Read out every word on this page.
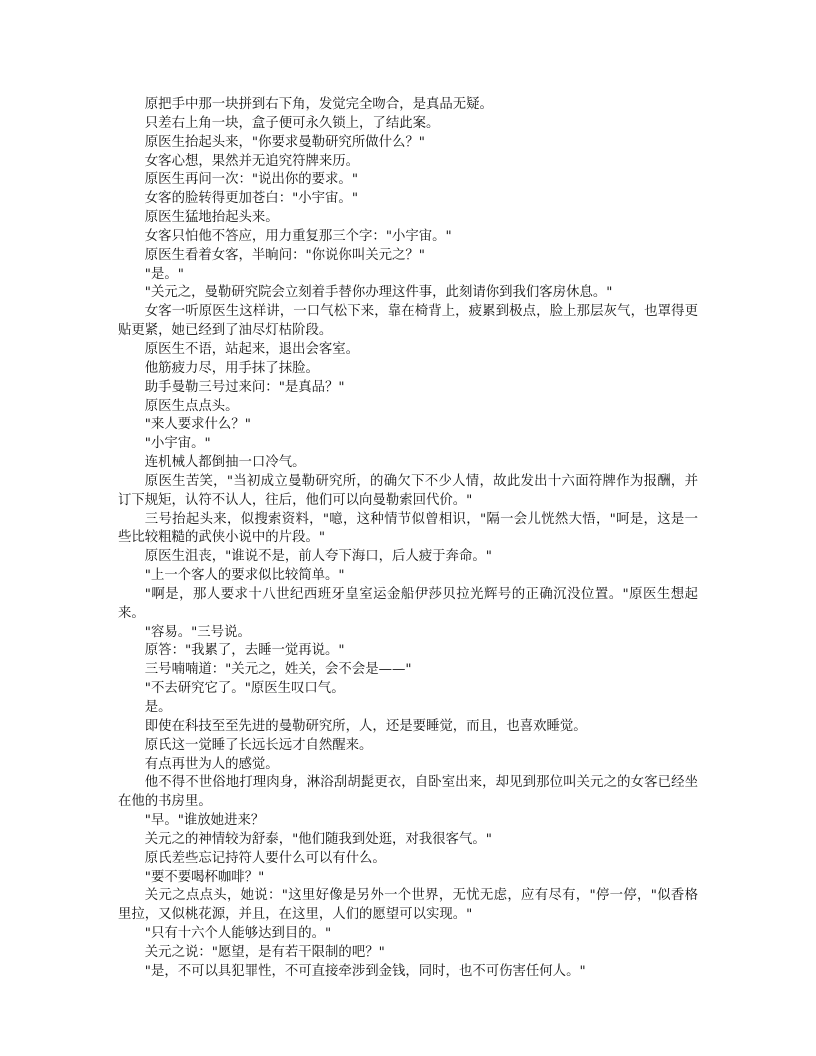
原把手中那一块拼到右下角，发觉完全吻合，是真品无疑。

只差右上角一块，盒子便可永久锁上，了结此案。

原医生抬起头来，"你要求曼勒研究所做什么？"

女客心想，果然并无追究符牌来历。

原医生再问一次："说出你的要求。"

女客的脸转得更加苍白："小宇宙。"

原医生猛地抬起头来。

女客只怕他不答应，用力重复那三个字："小宇宙。"

原医生看着女客，半晌问："你说你叫关元之？"

"是。"

"关元之，曼勒研究院会立刻着手替你办理这件事，此刻请你到我们客房休息。"

女客一听原医生这样讲，一口气松下来，靠在椅背上，疲累到极点，脸上那层灰气，也罩得更贴更紧，她已经到了油尽灯枯阶段。

原医生不语，站起来，退出会客室。

他筋疲力尽，用手抹了抹脸。

助手曼勒三号过来问："是真品？"

原医生点点头。

"来人要求什么？"

"小宇宙。"

连机械人都倒抽一口冷气。

原医生苦笑，"当初成立曼勒研究所，的确欠下不少人情，故此发出十六面符牌作为报酬，并订下规矩，认符不认人，往后，他们可以向曼勒索回代价。"

三号抬起头来，似搜索资料，"噫，这种情节似曾相识，"隔一会儿恍然大悟，"呵是，这是一些比较粗糙的武侠小说中的片段。"

原医生沮丧，"谁说不是，前人夸下海口，后人疲于奔命。"

"上一个客人的要求似比较简单。"

"啊是，那人要求十八世纪西班牙皇室运金船伊莎贝拉光辉号的正确沉没位置。"原医生想起来。

"容易。"三号说。

原答："我累了，去睡一觉再说。"

三号喃喃道："关元之，姓关，会不会是——"

"不去研究它了。"原医生叹口气。

是。

即使在科技至至先进的曼勒研究所，人，还是要睡觉，而且，也喜欢睡觉。

原氏这一觉睡了长远长远才自然醒来。

有点再世为人的感觉。

他不得不世俗地打理肉身，淋浴刮胡髭更衣，自卧室出来，却见到那位叫关元之的女客已经坐在他的书房里。

"早。"谁放她进来？

关元之的神情较为舒泰，"他们随我到处逛，对我很客气。"

原氏差些忘记持符人要什么可以有什么。

"要不要喝杯咖啡？"

关元之点点头，她说："这里好像是另外一个世界，无忧无虑，应有尽有，"停一停，"似香格里拉，又似桃花源，并且，在这里，人们的愿望可以实现。"

"只有十六个人能够达到目的。"

关元之说："愿望，是有若干限制的吧？"

"是，不可以具犯罪性，不可直接牵涉到金钱，同时，也不可伤害任何人。"
